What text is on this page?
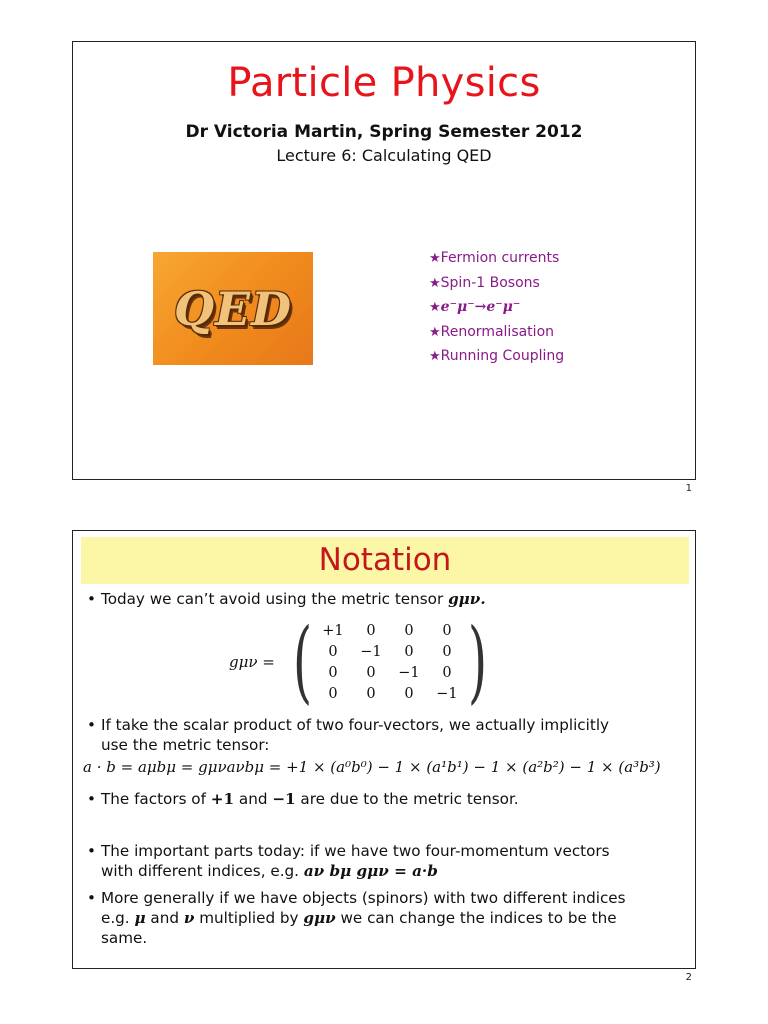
Particle Physics
Dr Victoria Martin, Spring Semester 2012
Lecture 6: Calculating QED
QED
★Fermion currents
★Spin-1 Bosons
★e⁻μ⁻→e⁻μ⁻
★Renormalisation
★Running Coupling
1
Notation
• Today we can’t avoid using the metric tensor gμν.
gμν = ( +1	0	0	0
0	−1	0	0
0	0	−1	0
0	0	0	−1 )
• If take the scalar product of two four-vectors, we actually implicitly
use the metric tensor:
a · b = aμbμ = gμνaνbμ = +1 × (a⁰b⁰) − 1 × (a¹b¹) − 1 × (a²b²) − 1 × (a³b³)
• The factors of +1 and −1 are due to the metric tensor.
• The important parts today: if we have two four-momentum vectors
with different indices, e.g. aν bμ gμν = a·b
• More generally if we have objects (spinors) with two different indices
e.g. μ and ν multiplied by gμν we can change the indices to be the
same.
2
